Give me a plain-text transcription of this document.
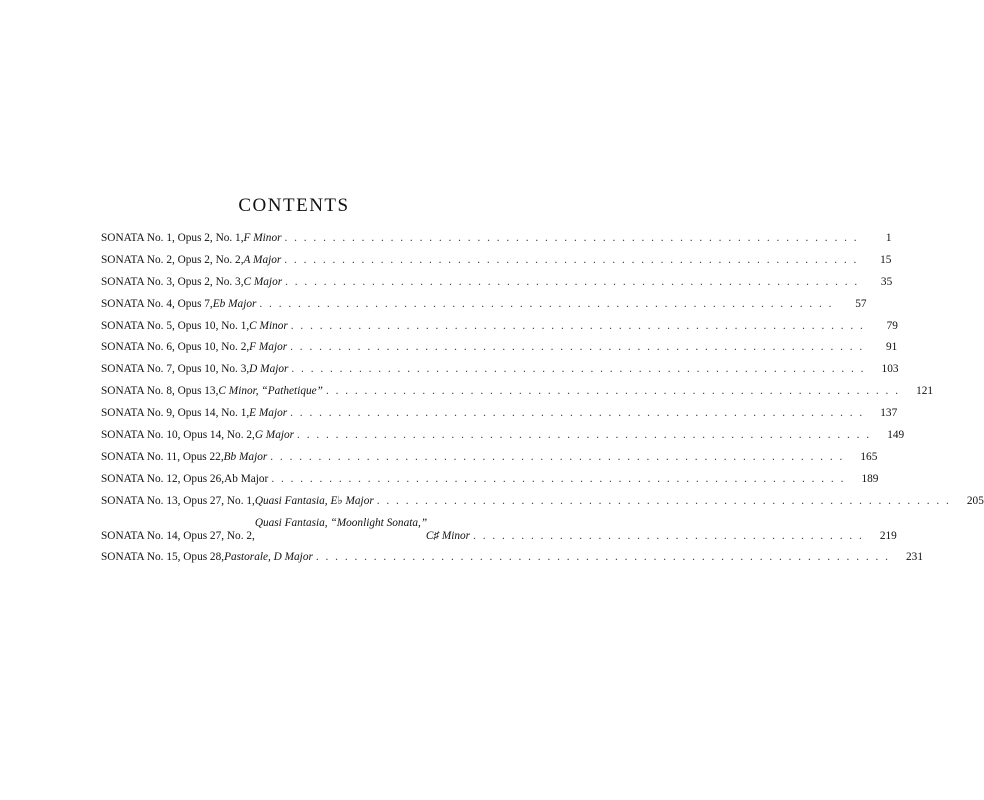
CONTENTS
SONATA No. 1, Opus 2, No. 1, F Minor . . . . . . . . . . . . . . . . . . . . . . . . . . . . . . . . . . . . . . . . . . . . . . . . . . . . . . . . . . . .	1
SONATA No. 2, Opus 2, No. 2, A Major . . . . . . . . . . . . . . . . . . . . . . . . . . . . . . . . . . . . . . . . . . . . . . . . . . . . . . . . . . . .	15
SONATA No. 3, Opus 2, No. 3, C Major . . . . . . . . . . . . . . . . . . . . . . . . . . . . . . . . . . . . . . . . . . . . . . . . . . . . . . . . . . . .	35
SONATA No. 4, Opus 7, Eb Major . . . . . . . . . . . . . . . . . . . . . . . . . . . . . . . . . . . . . . . . . . . . . . . . . . . . . . . . . . . .	57
SONATA No. 5, Opus 10, No. 1, C Minor . . . . . . . . . . . . . . . . . . . . . . . . . . . . . . . . . . . . . . . . . . . . . . . . . . . . . . . . . . . .	79
SONATA No. 6, Opus 10, No. 2, F Major . . . . . . . . . . . . . . . . . . . . . . . . . . . . . . . . . . . . . . . . . . . . . . . . . . . . . . . . . . . .	91
SONATA No. 7, Opus 10, No. 3, D Major . . . . . . . . . . . . . . . . . . . . . . . . . . . . . . . . . . . . . . . . . . . . . . . . . . . . . . . . . . . .	103
SONATA No. 8, Opus 13, C Minor, “Pathetique” . . . . . . . . . . . . . . . . . . . . . . . . . . . . . . . . . . . . . . . . . . . . . . . . . . . . . . . . . . . .	121
SONATA No. 9, Opus 14, No. 1, E Major . . . . . . . . . . . . . . . . . . . . . . . . . . . . . . . . . . . . . . . . . . . . . . . . . . . . . . . . . . . .	137
SONATA No. 10, Opus 14, No. 2, G Major . . . . . . . . . . . . . . . . . . . . . . . . . . . . . . . . . . . . . . . . . . . . . . . . . . . . . . . . . . . .	149
SONATA No. 11, Opus 22, Bb Major . . . . . . . . . . . . . . . . . . . . . . . . . . . . . . . . . . . . . . . . . . . . . . . . . . . . . . . . . . . .	165
SONATA No. 12, Opus 26, Ab Major . . . . . . . . . . . . . . . . . . . . . . . . . . . . . . . . . . . . . . . . . . . . . . . . . . . . . . . . . . . .	189
SONATA No. 13, Opus 27, No. 1, Quasi Fantasia, E♭ Major . . . . . . . . . . . . . . . . . . . . . . . . . . . . . . . . . . . . . . . . . . . . . . . . . . . . . . . . . . . .	205
SONATA No. 14, Opus 27, No. 2,
Quasi Fantasia, “Moonlight Sonata,”
C♯ Minor . . . . . . . . . . . . . . . . . . . . . . . . . . . . . . . . . . . . . . . . .	219
SONATA No. 15, Opus 28, Pastorale, D Major . . . . . . . . . . . . . . . . . . . . . . . . . . . . . . . . . . . . . . . . . . . . . . . . . . . . . . . . . . . .	231
